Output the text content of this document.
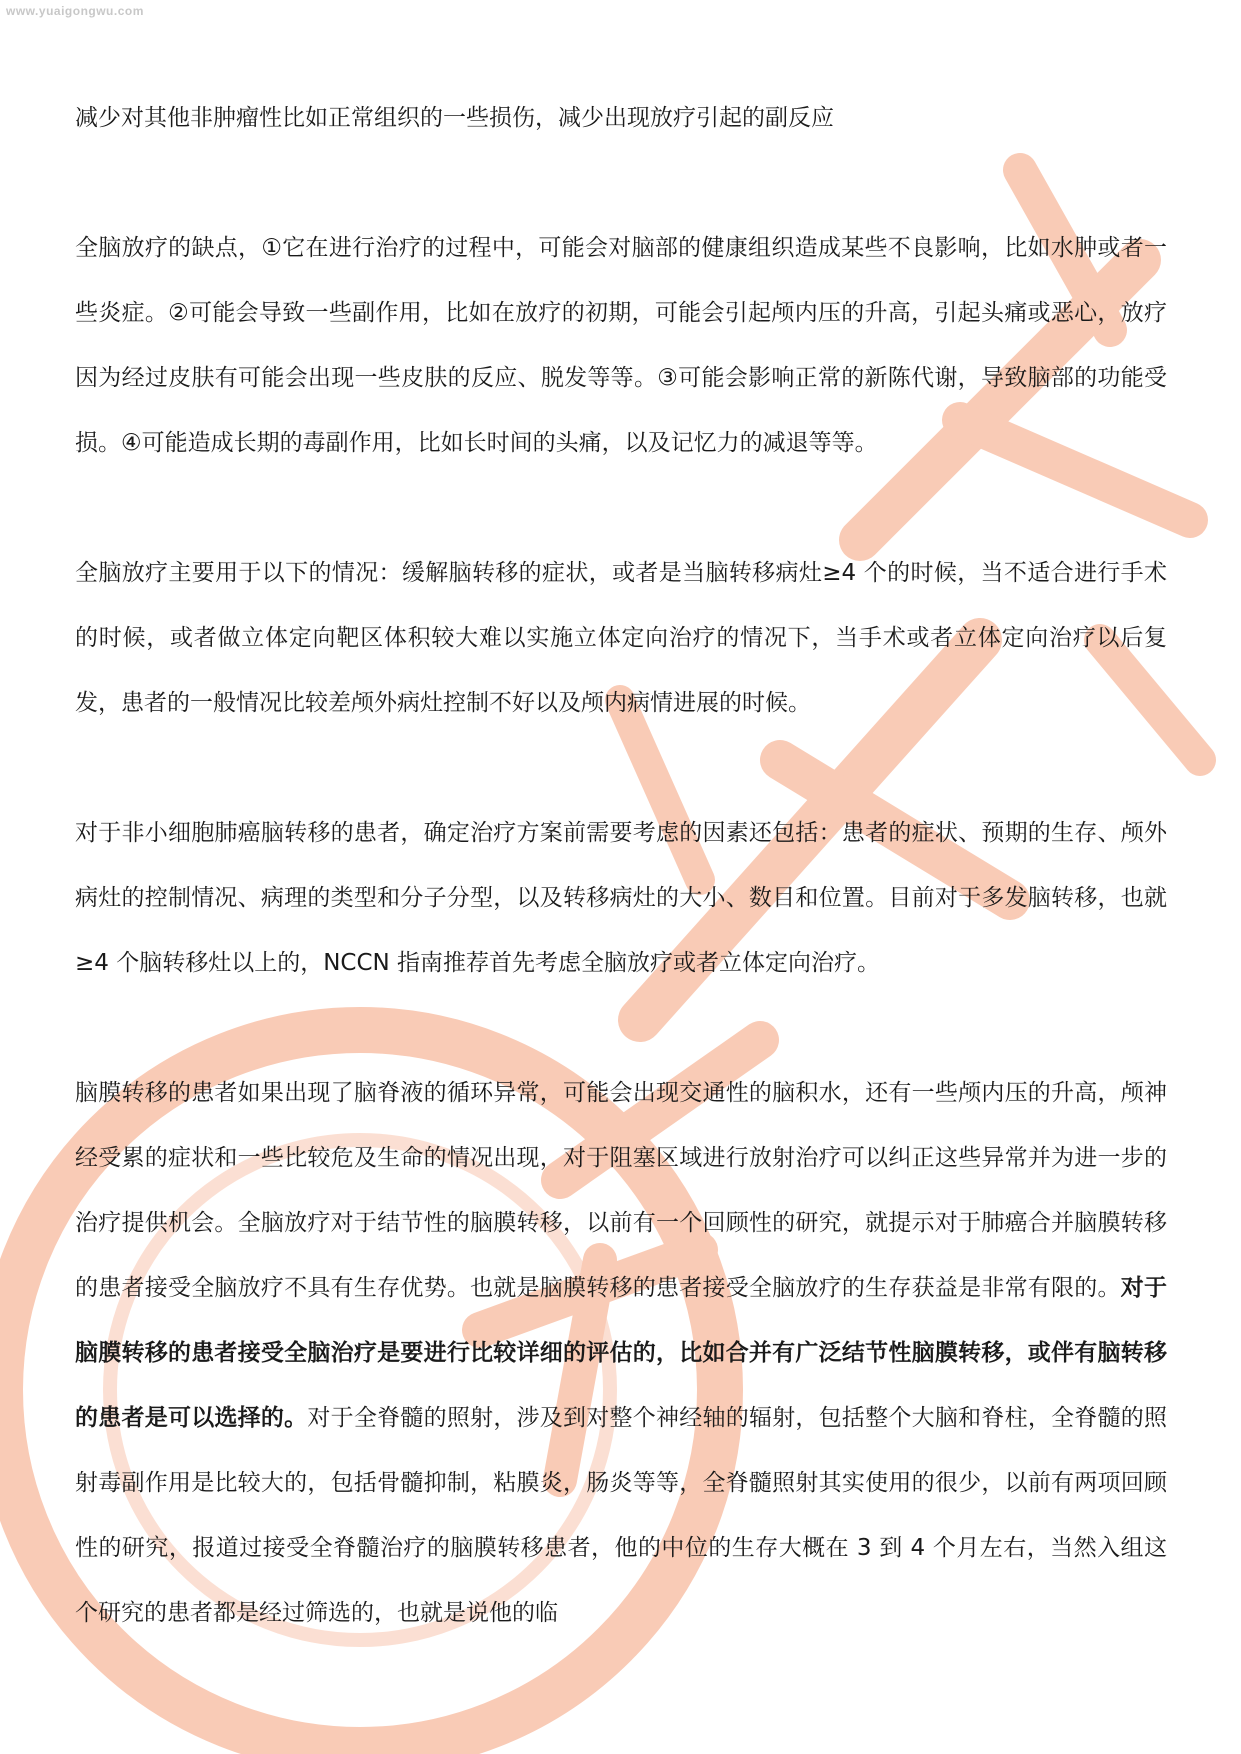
www.yuaigongwu.com

减少对其他非肿瘤性比如正常组织的一些损伤，减少出现放疗引起的副反应

全脑放疗的缺点，①它在进行治疗的过程中，可能会对脑部的健康组织造成某些不良影响，比如水肿或者一些炎症。②可能会导致一些副作用，比如在放疗的初期，可能会引起颅内压的升高，引起头痛或恶心，放疗因为经过皮肤有可能会出现一些皮肤的反应、脱发等等。③可能会影响正常的新陈代谢，导致脑部的功能受损。④可能造成长期的毒副作用，比如长时间的头痛，以及记忆力的减退等等。

全脑放疗主要用于以下的情况：缓解脑转移的症状，或者是当脑转移病灶≥4 个的时候，当不适合进行手术的时候，或者做立体定向靶区体积较大难以实施立体定向治疗的情况下，当手术或者立体定向治疗以后复发，患者的一般情况比较差颅外病灶控制不好以及颅内病情进展的时候。

对于非小细胞肺癌脑转移的患者，确定治疗方案前需要考虑的因素还包括：患者的症状、预期的生存、颅外病灶的控制情况、病理的类型和分子分型，以及转移病灶的大小、数目和位置。目前对于多发脑转移，也就≥4 个脑转移灶以上的，NCCN 指南推荐首先考虑全脑放疗或者立体定向治疗。

脑膜转移的患者如果出现了脑脊液的循环异常，可能会出现交通性的脑积水，还有一些颅内压的升高，颅神经受累的症状和一些比较危及生命的情况出现，对于阻塞区域进行放射治疗可以纠正这些异常并为进一步的治疗提供机会。全脑放疗对于结节性的脑膜转移，以前有一个回顾性的研究，就提示对于肺癌合并脑膜转移的患者接受全脑放疗不具有生存优势。也就是脑膜转移的患者接受全脑放疗的生存获益是非常有限的。对于脑膜转移的患者接受全脑治疗是要进行比较详细的评估的，比如合并有广泛结节性脑膜转移，或伴有脑转移的患者是可以选择的。对于全脊髓的照射，涉及到对整个神经轴的辐射，包括整个大脑和脊柱，全脊髓的照射毒副作用是比较大的，包括骨髓抑制，粘膜炎，肠炎等等，全脊髓照射其实使用的很少，以前有两项回顾性的研究，报道过接受全脊髓治疗的脑膜转移患者，他的中位的生存大概在 3 到 4 个月左右，当然入组这个研究的患者都是经过筛选的，也就是说他的临
